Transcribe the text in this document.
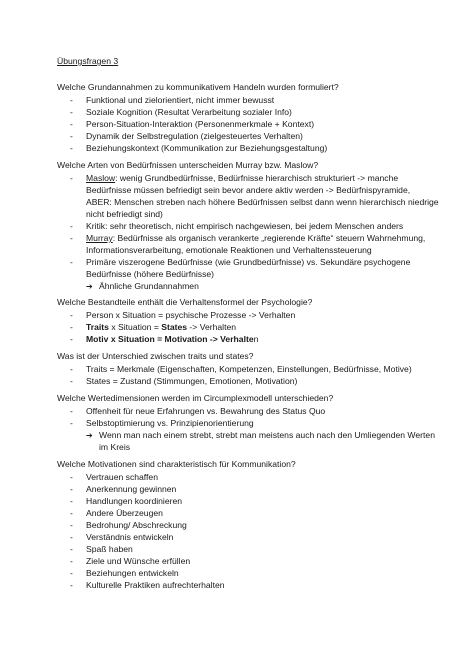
Übungsfragen 3
Welche Grundannahmen zu kommunikativem Handeln wurden formuliert?
- Funktional und zielorientiert, nicht immer bewusst
- Soziale Kognition (Resultat Verarbeitung sozialer Info)
- Person-Situation-Interaktion (Personenmerkmale + Kontext)
- Dynamik der Selbstregulation (zielgesteuertes Verhalten)
- Beziehungskontext (Kommunikation zur Beziehungsgestaltung)
Welche Arten von Bedürfnissen unterscheiden Murray bzw. Maslow?
- Maslow: wenig Grundbedürfnisse, Bedürfnisse hierarchisch strukturiert -> manche
Bedürfnisse müssen befriedigt sein bevor andere aktiv werden -> Bedürfnispyramide,
ABER: Menschen streben nach höhere Bedürfnissen selbst dann wenn hierarchisch niedrige
nicht befriedigt sind)
- Kritik: sehr theoretisch, nicht empirisch nachgewiesen, bei jedem Menschen anders
- Murray: Bedürfnisse als organisch verankerte „regierende Kräfte“ steuern Wahrnehmung,
Informationsverarbeitung, emotionale Reaktionen und Verhaltenssteuerung
- Primäre viszerogene Bedürfnisse (wie Grundbedürfnisse) vs. Sekundäre psychogene
Bedürfnisse (höhere Bedürfnisse)
➔ Ähnliche Grundannahmen
Welche Bestandteile enthält die Verhaltensformel der Psychologie?
- Person x Situation = psychische Prozesse -> Verhalten
- Traits x Situation = States -> Verhalten
- Motiv x Situation = Motivation -> Verhalten
Was ist der Unterschied zwischen traits und states?
- Traits = Merkmale (Eigenschaften, Kompetenzen, Einstellungen, Bedürfnisse, Motive)
- States = Zustand (Stimmungen, Emotionen, Motivation)
Welche Wertedimensionen werden im Circumplexmodell unterschieden?
- Offenheit für neue Erfahrungen vs. Bewahrung des Status Quo
- Selbstoptimierung vs. Prinzipienorientierung
➔ Wenn man nach einem strebt, strebt man meistens auch nach den Umliegenden Werten
im Kreis
Welche Motivationen sind charakteristisch für Kommunikation?
- Vertrauen schaffen
- Anerkennung gewinnen
- Handlungen koordinieren
- Andere Überzeugen
- Bedrohung/ Abschreckung
- Verständnis entwickeln
- Spaß haben
- Ziele und Wünsche erfüllen
- Beziehungen entwickeln
- Kulturelle Praktiken aufrechterhalten
